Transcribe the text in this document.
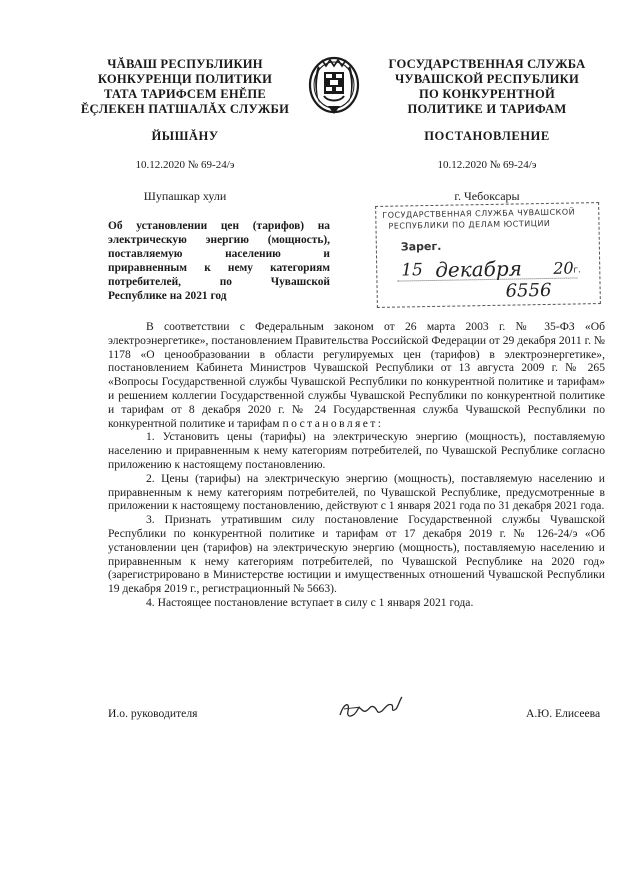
ЧĂВАШ РЕСПУБЛИКИН
КОНКУРЕНЦИ ПОЛИТИКИ
ТАТА ТАРИФСЕМ ЕНĔПЕ
ĔÇЛЕКЕН ПАТШАЛĂХ СЛУЖБИ
ГОСУДАРСТВЕННАЯ СЛУЖБА
ЧУВАШСКОЙ РЕСПУБЛИКИ
ПО КОНКУРЕНТНОЙ
ПОЛИТИКЕ И ТАРИФАМ
ЙЫШĂНУ	ПОСТАНОВЛЕНИЕ
10.12.2020 № 69-24/э	10.12.2020 № 69-24/э
Шупашкар хули	г. Чебоксары
Об установлении цен (тарифов) на
электрическую энергию (мощность),
поставляемую населению и
приравненным к нему категориям
потребителей, по Чувашской
Республике на 2021 год
ГОСУДАРСТВЕННАЯ СЛУЖБА ЧУВАШСКОЙ
РЕСПУБЛИКИ ПО ДЕЛАМ ЮСТИЦИИ
Зарег.
15 декабря 20 г.
6556

В соответствии с Федеральным законом от 26 марта 2003 г. № 35-ФЗ «Об электроэнергетике», постановлением Правительства Российской Федерации от 29 декабря 2011 г. № 1178 «О ценообразовании в области регулируемых цен (тарифов) в электроэнергетике», постановлением Кабинета Министров Чувашской Республики от 13 августа 2009 г. № 265 «Вопросы Государственной службы Чувашской Республики по конкурентной политике и тарифам» и решением коллегии Государственной службы Чувашской Республики по конкурентной политике и тарифам от 8 декабря 2020 г. № 24 Государственная служба Чувашской Республики по конкурентной политике и тарифам постановляет:

1. Установить цены (тарифы) на электрическую энергию (мощность), поставляемую населению и приравненным к нему категориям потребителей, по Чувашской Республике согласно приложению к настоящему постановлению.

2. Цены (тарифы) на электрическую энергию (мощность), поставляемую населению и приравненным к нему категориям потребителей, по Чувашской Республике, предусмотренные в приложении к настоящему постановлению, действуют с 1 января 2021 года по 31 декабря 2021 года.

3. Признать утратившим силу постановление Государственной службы Чувашской Республики по конкурентной политике и тарифам от 17 декабря 2019 г. № 126-24/э «Об установлении цен (тарифов) на электрическую энергию (мощность), поставляемую населению и приравненным к нему категориям потребителей, по Чувашской Республике на 2020 год» (зарегистрировано в Министерстве юстиции и имущественных отношений Чувашской Республики 19 декабря 2019 г., регистрационный № 5663).

4. Настоящее постановление вступает в силу с 1 января 2021 года.

И.о. руководителя	А.Ю. Елисеева
